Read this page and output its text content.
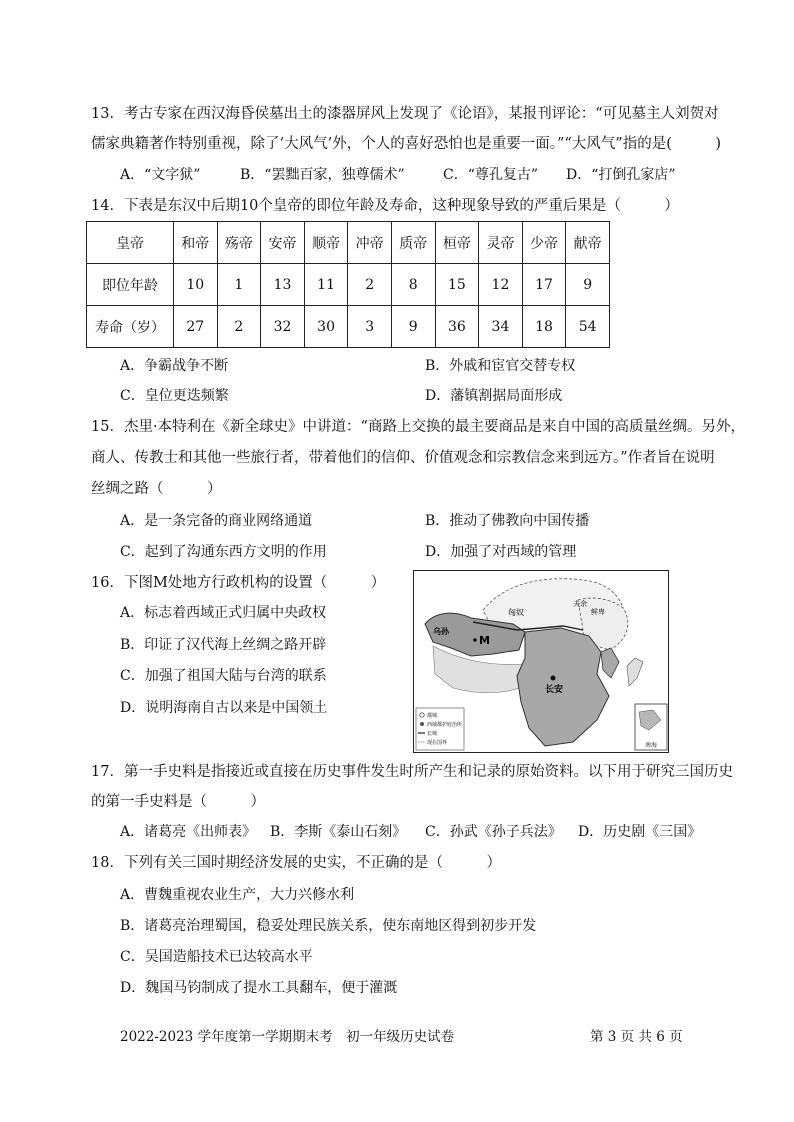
13．考古专家在西汉海昏侯墓出土的漆器屏风上发现了《论语》，某报刊评论：“可见墓主人刘贺对
儒家典籍著作特别重视，除了‘大风气’外，个人的喜好恐怕也是重要一面。”“大风气”指的是(　　　)
A．“文字狱”	B．“罢黜百家，独尊儒术”	C．“尊孔复古” D．“打倒孔家店”
14．下表是东汉中后期10个皇帝的即位年龄及寿命，这种现象导致的严重后果是（　　　）
皇帝	和帝	殇帝	安帝	顺帝	冲帝	质帝	桓帝	灵帝	少帝	献帝
即位年龄	10	1	13	11	2	8	15	12	17	9
寿命（岁）	27	2	32	30	3	9	36	34	18	54
A．争霸战争不断	B．外戚和宦官交替专权
C．皇位更迭频繁	D．藩镇割据局面形成
15．杰里·本特利在《新全球史》中讲道：“商路上交换的最主要商品是来自中国的高质量丝绸。另外，
商人、传教士和其他一些旅行者，带着他们的信仰、价值观念和宗教信念来到远方。”作者旨在说明
丝绸之路（　　　）
A．是一条完备的商业网络通道	B．推动了佛教向中国传播
C．起到了沟通东西方文明的作用	D．加强了对西域的管理
16．下图M处地方行政机构的设置（　　　）
A．标志着西域正式归属中央政权
B．印证了汉代海上丝绸之路开辟
C．加强了祖国大陆与台湾的联系
D．说明海南自古以来是中国领土
南海
都城
西域都护府治所
长城
现在国界
乌孙
M
匈奴
夫余
鲜卑
长安
17．第一手史料是指接近或直接在历史事件发生时所产生和记录的原始资料。以下用于研究三国历史
的第一手史料是（　　　）
A．诸葛亮《出师表》 B．李斯《泰山石刻》 C．孙武《孙子兵法》 D．历史剧《三国》
18．下列有关三国时期经济发展的史实，不正确的是（　　　）
A．曹魏重视农业生产，大力兴修水利
B．诸葛亮治理蜀国，稳妥处理民族关系，使东南地区得到初步开发
C．吴国造船技术已达较高水平
D．魏国马钧制成了提水工具翻车，便于灌溉
2022-2023 学年度第一学期期末考　初一年级历史试卷	第 3 页 共 6 页
